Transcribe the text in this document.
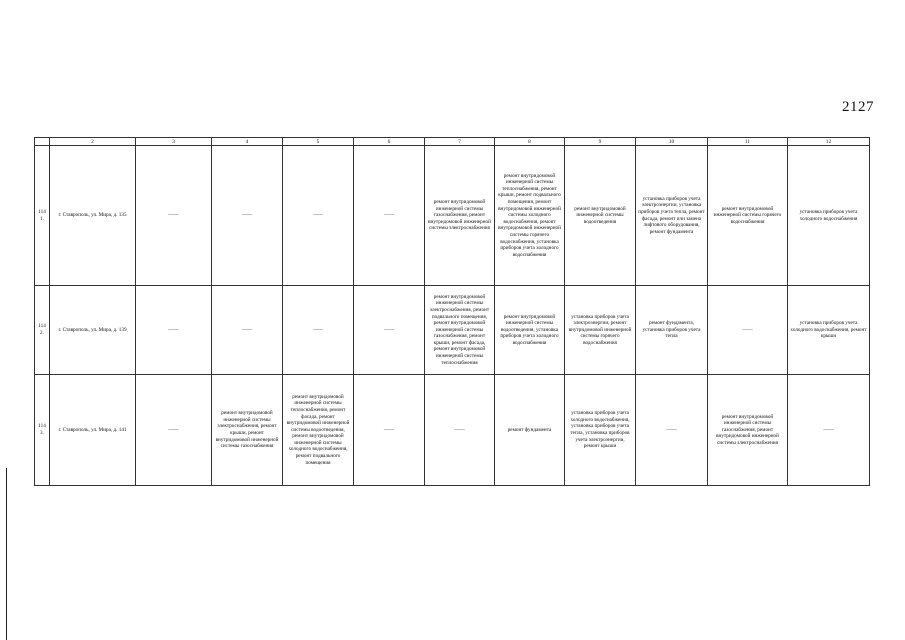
2127
	2	3	4	5	6	7	8	9	10	11	12
1141.	г. Ставрополь, ул. Мира, д. 135	——	——	——	——	ремонт внутридомовой инженерной системы газоснабжения, ремонт внутридомовой инженерной системы электроснабжения	ремонт внутридомовой инженерной системы теплоснабжения, ремонт крыши, ремонт подвального помещения, ремонт внутридомовой инженерной системы холодного водоснабжения, ремонт внутридомовой инженерной системы горячего водоснабжения, установка приборов учета холодного водоснабжения	ремонт внутридомовой инженерной системы водоотведения	установка приборов учета электроэнергии, установка приборов учета тепла, ремонт фасада, ремонт или замена лифтового оборудования, ремонт фундамента	ремонт внутридомовой инженерной системы горячего водоснабжения	установка приборов учета холодного водоснабжения
1142.	г. Ставрополь, ул. Мира, д. 139	——	——	——	——	ремонт внутридомовой инженерной системы электроснабжения, ремонт подвального помещения, ремонт внутридомовой инженерной системы газоснабжения, ремонт крыши, ремонт фасада, ремонт внутридомовой инженерной системы теплоснабжения	ремонт внутридомовой инженерной системы водоотведения, установка приборов учета холодного водоснабжения	установка приборов учета электроэнергии, ремонт внутридомовой инженерной системы горячего водоснабжения	ремонт фундамента, установка приборов учета тепла	——	установка приборов учета холодного водоснабжения, ремонт крыши
1143.	г. Ставрополь, ул. Мира, д. 141	——	ремонт внутридомовой инженерной системы электроснабжения, ремонт крыши, ремонт внутридомовой инженерной системы газоснабжения	ремонт внутридомовой инженерной системы теплоснабжения, ремонт фасада, ремонт внутридомовой инженерной системы водоотведения, ремонт внутридомовой инженерной системы холодного водоснабжения, ремонт подвального помещения	——	——	ремонт фундамента	установка приборов учета холодного водоснабжения, установка приборов учета тепла, установка приборов учета электроэнергии, ремонт крыши	——	ремонт внутридомовой инженерной системы газоснабжения, ремонт внутридомовой инженерной системы электроснабжения	——
